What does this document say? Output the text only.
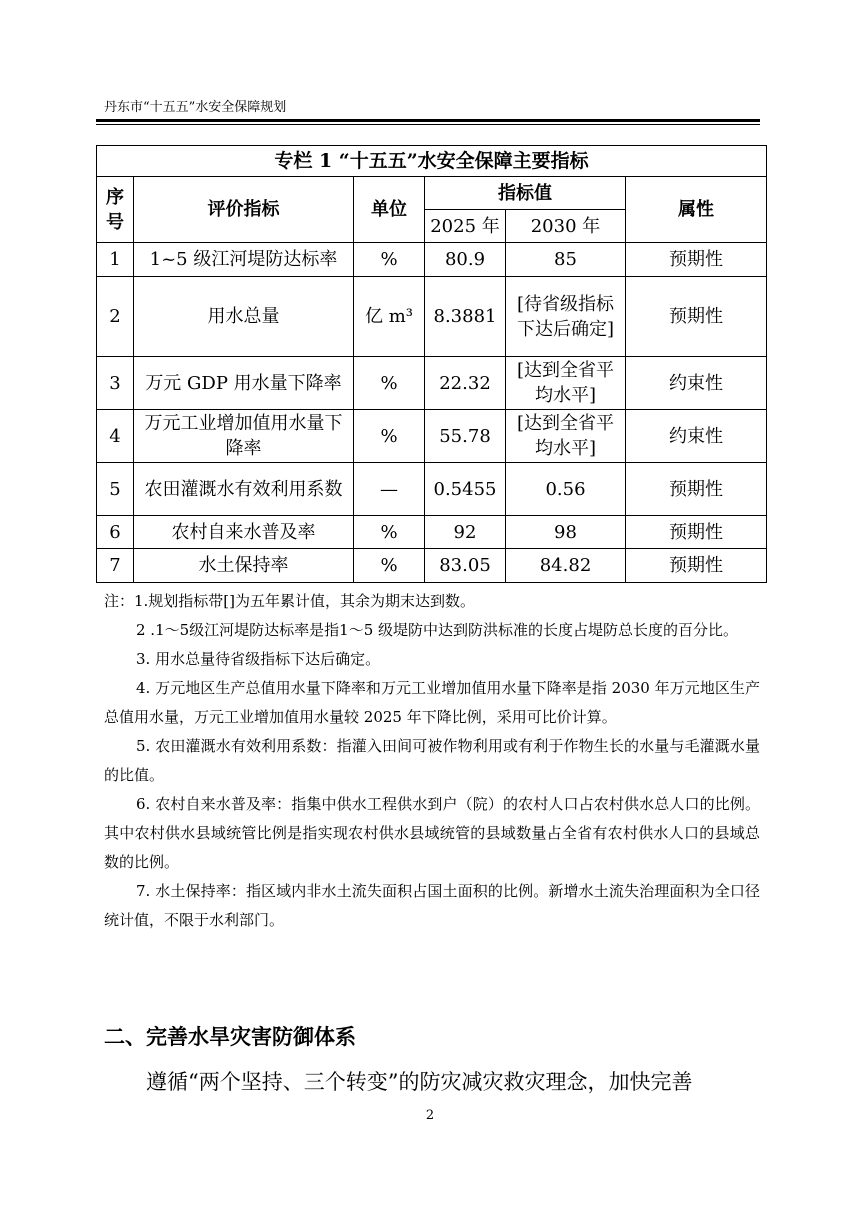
丹东市“十五五”水安全保障规划
专栏 1 “十五五”水安全保障主要指标					
序号	评价指标	单位	指标值		属性
			2025 年	2030 年	
1	1~5 级江河堤防达标率	%	80.9	85	预期性
2	用水总量	亿 m³	8.3881	[待省级指标下达后确定]	预期性
3	万元 GDP 用水量下降率	%	22.32	[达到全省平均水平]	约束性
4	万元工业增加值用水量下降率	%	55.78	[达到全省平均水平]	约束性
5	农田灌溉水有效利用系数	—	0.5455	0.56	预期性
6	农村自来水普及率	%	92	98	预期性
7	水土保持率	%	83.05	84.82	预期性

注：1.规划指标带[]为五年累计值，其余为期末达到数。

2 .1～5级江河堤防达标率是指1～5 级堤防中达到防洪标准的长度占堤防总长度的百分比。

3. 用水总量待省级指标下达后确定。

4. 万元地区生产总值用水量下降率和万元工业增加值用水量下降率是指 2030 年万元地区生产总值用水量，万元工业增加值用水量较 2025 年下降比例，采用可比价计算。

5. 农田灌溉水有效利用系数：指灌入田间可被作物利用或有利于作物生长的水量与毛灌溉水量的比值。

6. 农村自来水普及率：指集中供水工程供水到户（院）的农村人口占农村供水总人口的比例。其中农村供水县域统管比例是指实现农村供水县域统管的县域数量占全省有农村供水人口的县域总数的比例。

7. 水土保持率：指区域内非水土流失面积占国土面积的比例。新增水土流失治理面积为全口径统计值，不限于水利部门。

二、完善水旱灾害防御体系
遵循“两个坚持、三个转变”的防灾减灾救灾理念，加快完善
2
